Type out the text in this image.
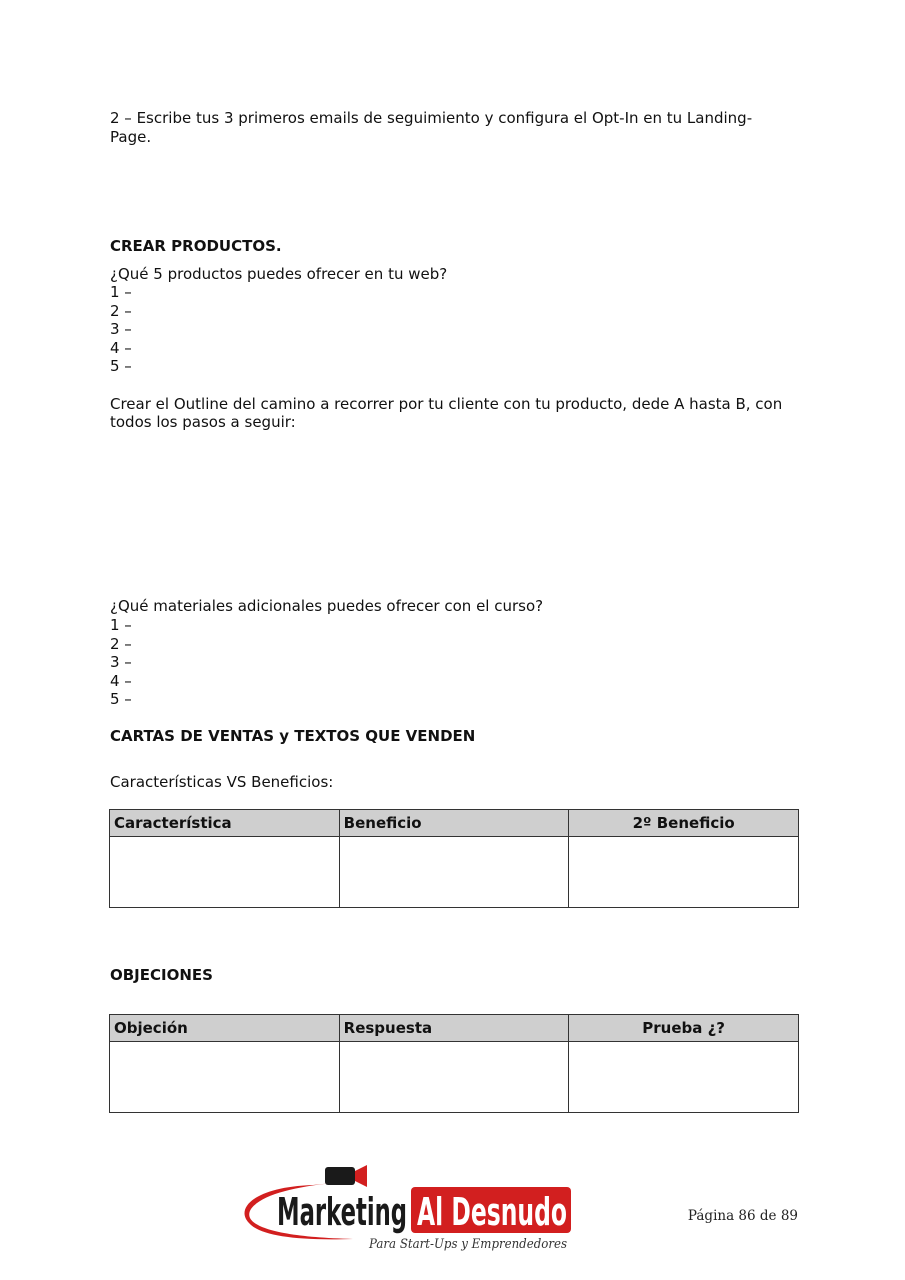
2 – Escribe tus 3 primeros emails de seguimiento y configura el Opt-In en tu Landing-

Page.

CREAR PRODUCTOS.

¿Qué 5 productos puedes ofrecer en tu web?

1 –
2 –
3 –
4 –
5 –

Crear el Outline del camino a recorrer por tu cliente con tu producto, dede A hasta B, con

todos los pasos a seguir:

¿Qué materiales adicionales puedes ofrecer con el curso?

1 –
2 –
3 –
4 –
5 –

CARTAS DE VENTAS y TEXTOS QUE VENDEN

Características VS Beneficios:

Característica	Beneficio	2º Beneficio

OBJECIONES

Objeción	Respuesta	Prueba ¿?

Marketing Al Desnudo
Para Start-Ups y Emprendedores
Página 86 de 89
